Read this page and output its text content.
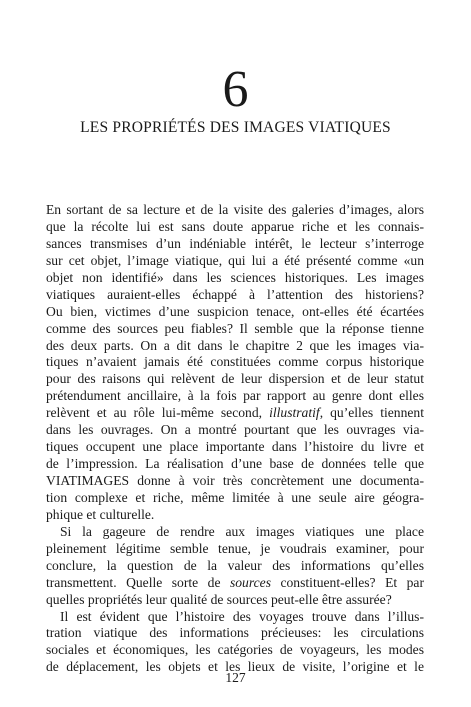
6
LES PROPRIÉTÉS DES IMAGES VIATIQUES
En sortant de sa lecture et de la visite des galeries d’images, alors
que la récolte lui est sans doute apparue riche et les connais-
sances transmises d’un indéniable intérêt, le lecteur s’interroge
sur cet objet, l’image viatique, qui lui a été présenté comme «un
objet non identifié» dans les sciences historiques. Les images
viatiques auraient-elles échappé à l’attention des historiens?
Ou bien, victimes d’une suspicion tenace, ont-elles été écartées
comme des sources peu fiables? Il semble que la réponse tienne
des deux parts. On a dit dans le chapitre 2 que les images via-
tiques n’avaient jamais été constituées comme corpus historique
pour des raisons qui relèvent de leur dispersion et de leur statut
prétendument ancillaire, à la fois par rapport au genre dont elles
relèvent et au rôle lui-même second, illustratif, qu’elles tiennent
dans les ouvrages. On a montré pourtant que les ouvrages via-
tiques occupent une place importante dans l’histoire du livre et
de l’impression. La réalisation d’une base de données telle que
VIATIMAGES donne à voir très concrètement une documenta-
tion complexe et riche, même limitée à une seule aire géogra-
phique et culturelle.
Si la gageure de rendre aux images viatiques une place
pleinement légitime semble tenue, je voudrais examiner, pour
conclure, la question de la valeur des informations qu’elles
transmettent. Quelle sorte de sources constituent-elles? Et par
quelles propriétés leur qualité de sources peut-elle être assurée?
Il est évident que l’histoire des voyages trouve dans l’illus-
tration viatique des informations précieuses: les circulations
sociales et économiques, les catégories de voyageurs, les modes
de déplacement, les objets et les lieux de visite, l’origine et le
127
